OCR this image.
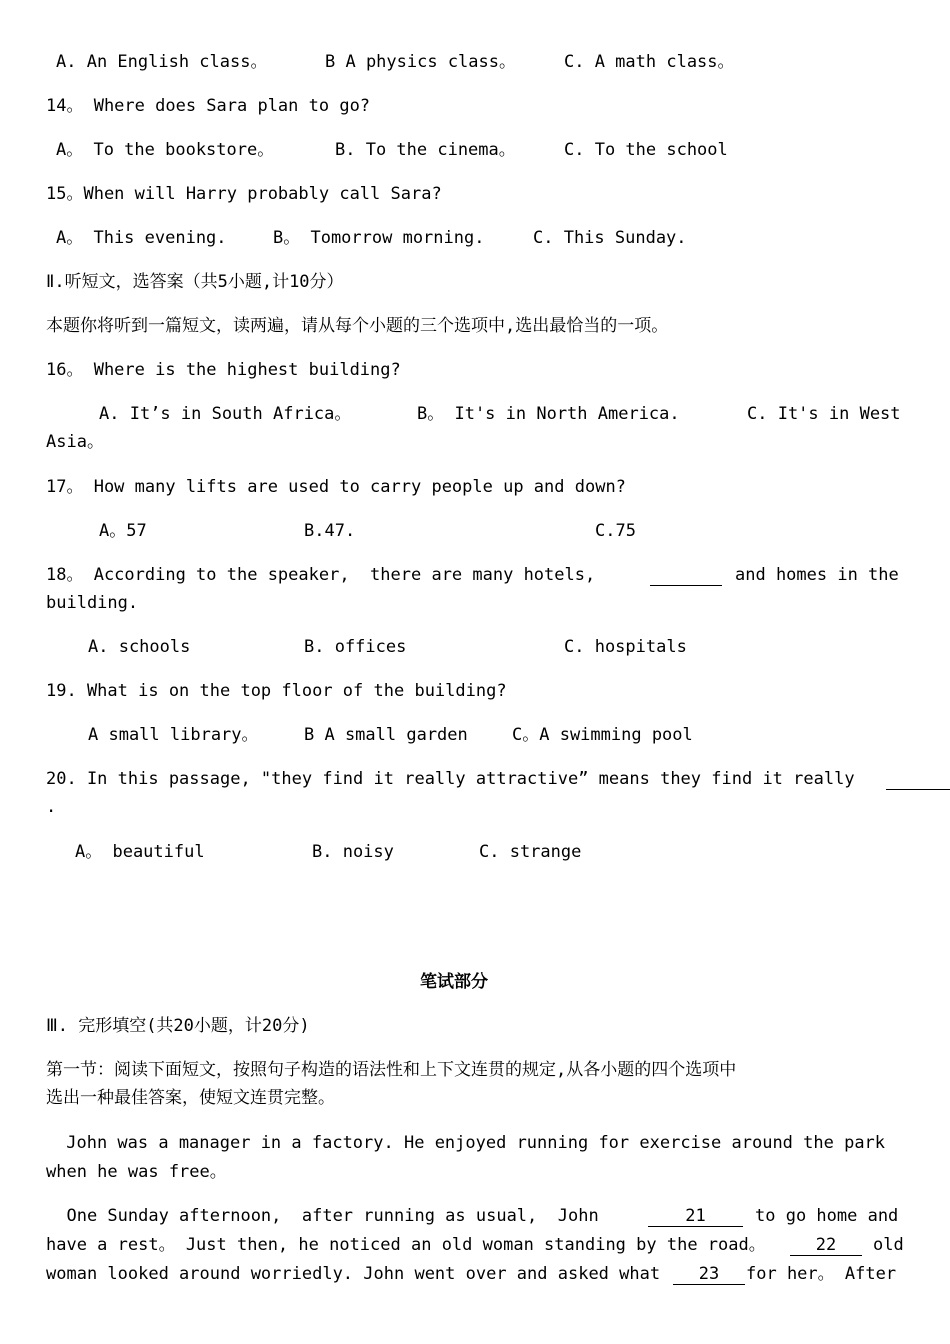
A. An English class。	B A physics class。	C. A math class。
14。 Where does Sara plan to go?
A。 To the bookstore。	B. To the cinema。	C. To the school
15。When will Harry probably call Sara?
A。 This evening.	B。 Tomorrow morning.	C. This Sunday.
Ⅱ.听短文，选答案（共5小题,计10分）
本题你将听到一篇短文，读两遍，请从每个小题的三个选项中,选出最恰当的一项。
16。 Where is the highest building?
A. It’s in South Africa。	B。 It's in North America.	C. It's in West
Asia。
17。 How many lifts are used to carry people up and down?
A。57	B.47.	C.75
18。 According to the speaker,  there are many hotels,
	and homes in the
building.
A. schools	B. offices	C. hospitals
19. What is on the top floor of the building?
A small library。	B A small garden	C。A swimming pool
20. In this passage, "they find it really attractive” means they find it really

.
A。 beautiful	B. noisy	C. strange
笔试部分
Ⅲ. 完形填空(共20小题，计20分)
第一节：阅读下面短文，按照句子构造的语法性和上下文连贯的规定,从各小题的四个选项中
选出一种最佳答案，使短文连贯完整。
John was a manager in a factory. He enjoyed running for exercise around the park
when he was free。
One Sunday afternoon,  after running as usual,  John	21	to go home and
have a rest。 Just then, he noticed an old woman standing by the road。	22	old
woman looked around worriedly. John went over and asked what	23	for her。 After
